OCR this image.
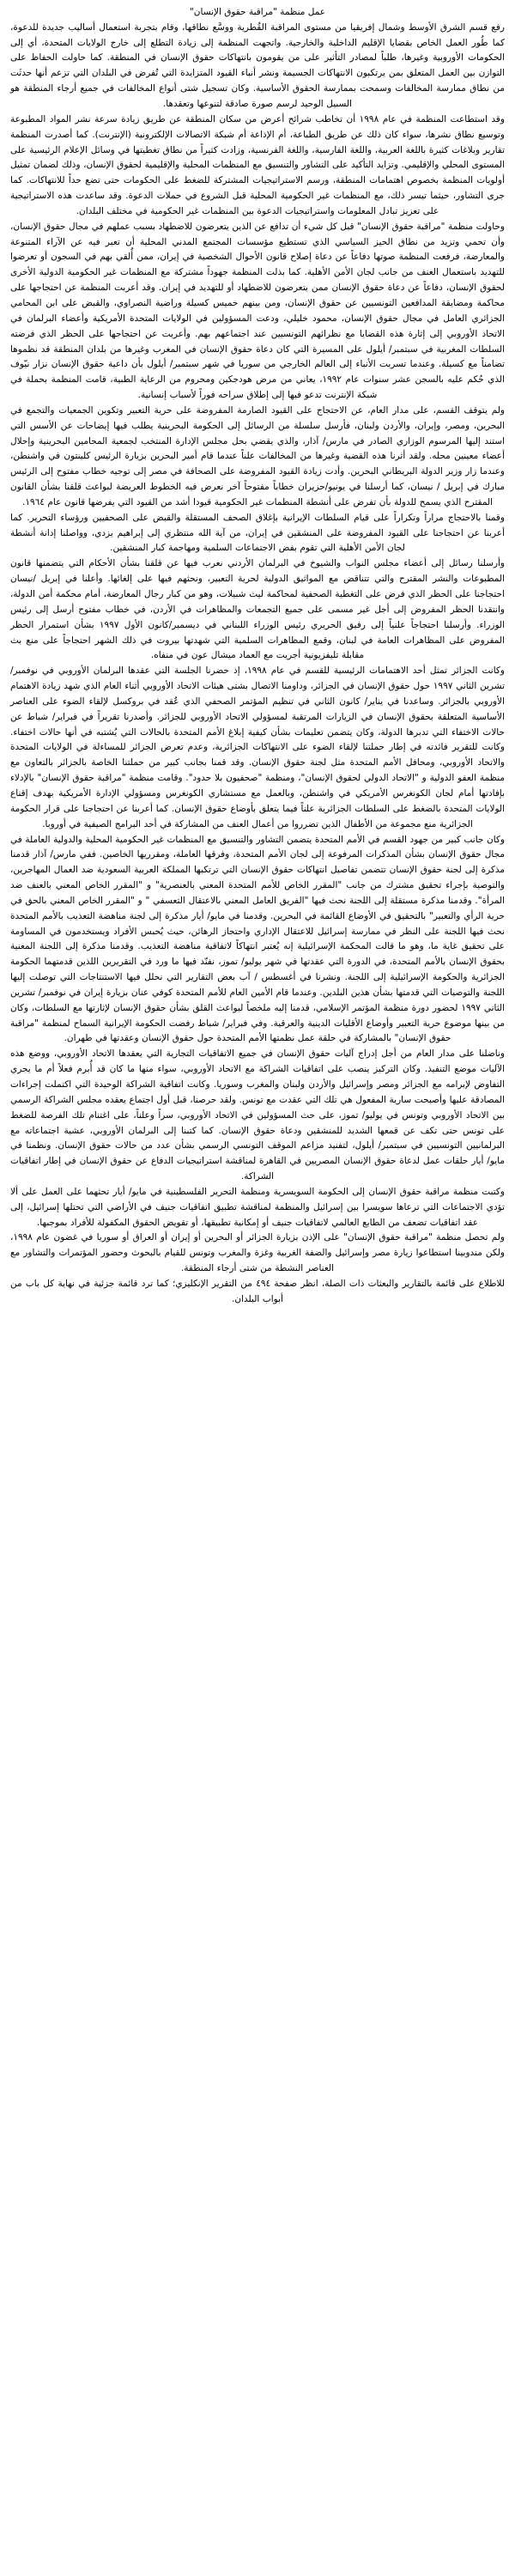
عمل منظمة "مراقبة حقوق الإنسان"

رفع قسم الشرق الأوسط وشمال إفريقيا من مستوى المراقبة القُطرية ووسَّع نطاقها، وقام بتجربة استعمال أساليب جديدة للدعوة، كما طُور العمل الخاص بقضايا الإقليم الداخلية والخارجية. واتجهت المنظمة إلى زيادة التطلع إلى خارج الولايات المتحدة، أي إلى الحكومات الأوروبية وغيرها، طلباً لمصادر التأثير على من يقومون بانتهاكات حقوق الإنسان في المنطقة. كما حاولت الحفاظ على التوازن بين العمل المتعلق بمن يرتكبون الانتهاكات الجسيمة ونشر أنباء القيود المتزايدة التي تُفرض في البلدان التي تزعم أنها حدثَت من نطاق ممارسة المخالفات وسمحت بممارسة الحقوق الأساسية. وكان تسجيل شتى أنواع المخالفات في جميع أرجاء المنطقة هو السبيل الوحيد لرسم صورة صادقة لتنوعها وتعقدها.

وقد استطاعت المنظمة في عام ١٩٩٨ أن تخاطب شرائح أعرض من سكان المنطقة عن طريق زيادة سرعة نشر المواد المطبوعة وتوسيع نطاق نشرها، سواء كان ذلك عن طريق الطباعة، أم الإذاعة أم شبكة الاتصالات الإلكترونية (الإنترنت). كما أصدرت المنظمة تقارير وبلاغات كثيرة باللغة العربية، واللغة الفارسية، واللغة الفرنسية، وزادت كثيراً من نطاق تغطيتها في وسائل الإعلام الرئيسية على المستوى المحلي والإقليمي. وتزايد التأكيد على التشاور والتنسيق مع المنظمات المحلية والإقليمية لحقوق الإنسان، وذلك لضمان تمثيل أولويات المنظمة بخصوص اهتمامات المنطقة، ورسم الاستراتيجيات المشتركة للضغط على الحكومات حتى تضع حداً للانتهاكات. كما جرى التشاور، حيثما تيسر ذلك، مع المنظمات غير الحكومية المحلية قبل الشروع في حملات الدعوة. وقد ساعدت هذه الاستراتيجية على تعزيز تبادل المعلومات واستراتيجيات الدعوة بين المنظمات غير الحكومية في مختلف البلدان.

وحاولت منظمة "مراقبة حقوق الإنسان" قبل كل شيء أن تدافع عن الذين يتعرضون للاضطهاد بسبب عملهم في مجال حقوق الإنسان، وأن تحمي وتزيد من نطاق الحيز السياسي الذي تستطيع مؤسسات المجتمع المدني المحلية أن تعبر فيه عن الآراء المتنوعة والمعارضة، فرفعت المنظمة صوتها دفاعاً عن دعاة إصلاح قانون الأحوال الشخصية في إيران، ممن أُلقي بهم في السجون أو تعرضوا للتهديد باستعمال العنف من جانب لجان الأمن الأهلية. كما بذلت المنظمة جهوداً مشتركة مع المنظمات غير الحكومية الدولية الأخرى لحقوق الإنسان، دفاعاً عن دعاة حقوق الإنسان ممن يتعرضون للاضطهاد أو للتهديد في إيران. وقد أعربت المنظمة عن احتجاجها على محاكمة ومضايقة المدافعين التونسيين عن حقوق الإنسان، ومن بينهم خميس كسيلة وراضية النصراوي، والقبض على ابن المحامي الجزائري العامل في مجال حقوق الإنسان، محمود خليلي، ودعت المسؤولين في الولايات المتحدة الأمريكية وأعضاء البرلمان في الاتحاد الأوروبي إلى إثارة هذه القضايا مع نظرائهم التونسيين عند اجتماعهم بهم. وأعربت عن احتجاجها على الحظر الذي فرضته السلطات المغربية في سبتمبر/ أيلول على المسيرة التي كان دعاة حقوق الإنسان في المغرب وغيرها من بلدان المنطقة قد نظموها تضامناً مع كسيلة. وعندما تسربت الأنباء إلى العالم الخارجي من سوريا في شهر سبتمبر/ أيلول بأن داعية حقوق الإنسان نزار نيّوف الذي حُكم عليه بالسجن عشر سنوات عام ١٩٩٢، يعاني من مرض هودجكين ومحروم من الرعاية الطبية، قامت المنظمة بحملة في شبكة الإنترنت تدعو فيها إلى إطلاق سراحه فوراً لأسباب إنسانية.

ولم يتوقف القسم، على مدار العام، عن الاحتجاج على القيود الصارمة المفروضة على حرية التعبير وتكوين الجمعيات والتجمع في البحرين، ومصر، وإيران، والأردن ولبنان، فأرسل سلسلة من الرسائل إلى الحكومة البحرينية يطلب فيها إيضاحات عن الأسس التي استند إليها المرسوم الوزاري الصادر في مارس/ آذار، والذي يقضي بحل مجلس الإدارة المنتخب لجمعية المحامين البحرينية وإحلال أعضاء معينين محله. ولقد أثرنا هذه القضية وغيرها من المخالفات علناً عندما قام أمير البحرين بزيارة الرئيس كلينتون في واشنطن، وعندما زار وزير الدولة البريطاني البحرين. وأدت زيادة القيود المفروضة على الصحافة في مصر إلى توجيه خطاب مفتوح إلى الرئيس مبارك في إبريل / نيسان، كما أرسلنا في يونيو/حزيران خطاباً مفتوحاً آخر نعرض فيه الخطوط العريضة لبواعث قلقنا بشأن القانون المقترح الذي يسمح للدولة بأن تفرض على أنشطة المنظمات غير الحكومية قيودا أشد من القيود التي يفرضها قانون عام ١٩٦٤.

وقمنا بالاحتجاج مراراً وتكراراً على قيام السلطات الإيرانية بإغلاق الصحف المستقلة والقبض على الصحفيين ورؤساء التحرير. كما أعربنا عن احتجاجنا على القيود المفروضة على المنشقين في إيران، من آية الله منتظري إلى إبراهيم يزدي، وواصلنا إدانة أنشطة لجان الأمن الأهلية التي تقوم بفض الاجتماعات السلمية ومهاجمة كبار المنشقين.

وأرسلنا رسائل إلى أعضاء مجلس النواب والشيوخ في البرلمان الأردني نعرب فيها عن قلقنا بشأن الأحكام التي يتضمنها قانون المطبوعات والنشر المقترح والتي تتناقض مع المواثيق الدولية لحرية التعبير، ونحثهم فيها على إلغائها. وأعلنا في إبريل /نيسان احتجاجنا على الحظر الذي فرض على التغطية الصحفية لمحاكمة ليث شبيلات، وهو من كبار رجال المعارضة، أمام محكمة أمن الدولة، وانتقدنا الحظر المفروض إلى أجل غير مسمى على جميع التجمعات والمظاهرات في الأردن، في خطاب مفتوح أرسل إلى رئيس الوزراء. وأرسلنا احتجاجاً علنياً إلى رفيق الحريري رئيس الوزراء اللبناني في ديسمبر/كانون الأول ١٩٩٧ بشأن استمرار الحظر المفروض على المظاهرات العامة في لبنان، وقمع المظاهرات السلمية التي شهدتها بيروت في ذلك الشهر احتجاجاً على منع بث مقابلة تليفزيونية أجريت مع العماد ميشال عون في منفاه.

وكانت الجزائر تمثل أحد الاهتمامات الرئيسية للقسم في عام ١٩٩٨، إذ حضرنا الجلسة التي عقدها البرلمان الأوروبي في نوفمبر/تشرين الثاني ١٩٩٧ حول حقوق الإنسان في الجزائر، وداومنا الاتصال بشتى هيئات الاتحاد الأوروبي أثناء العام الذي شهد زيادة الاهتمام الأوروبي بالجزائر. وساعدنا في يناير/ كانون الثاني في تنظيم المؤتمر الصحفي الذي عُقد في بروكسل لإلقاء الضوء على العناصر الأساسية المتعلقة بحقوق الإنسان في الزيارات المرتقبة لمسؤولي الاتحاد الأوروبي للجزائر. وأصدرنا تقريراً في فبراير/ شباط عن حالات الاختفاء التي تدبرها الدولة، وكان يتضمن تعليمات بشأن كيفية إبلاغ الأمم المتحدة بالحالات التي يُشتبه في أنها حالات اختفاء. وكانت للتقرير فائدته في إطار حملتنا لإلقاء الضوء على الانتهاكات الجزائرية، وعدم تعرض الجزائر للمساءلة في الولايات المتحدة والاتحاد الأوروبي، ومحافل الأمم المتحدة مثل لجنة حقوق الإنسان. وقد قمنا بجانب كبير من حملتنا الخاصة بالجزائر بالتعاون مع منظمة العفو الدولية و "الاتحاد الدولي لحقوق الإنسان"، ومنظمة "صحفيون بلا حدود". وقامت منظمة "مراقبة حقوق الإنسان" بالإدلاء بإفادتها أمام لجان الكونغرس الأمريكي في واشنطن، وبالعمل مع مستشاري الكونغرس ومسؤولي الإدارة الأمريكية بهدف إقناع الولايات المتحدة بالضغط على السلطات الجزائرية علناً فيما يتعلق بأوضاع حقوق الإنسان. كما أعربنا عن احتجاجنا على قرار الحكومة الجزائرية منع مجموعة من الأطفال الذين تضرروا من أعمال العنف من المشاركة في أحد البرامج الصيفية في أوروبا.

وكان جانب كبير من جهود القسم في الأمم المتحدة يتضمن التشاور والتنسيق مع المنظمات غير الحكومية المحلية والدولية العاملة في مجال حقوق الإنسان بشأن المذكرات المرفوعة إلى لجان الأمم المتحدة، وفرقها العاملة، ومقرريها الخاصين. ففي مارس/ آذار قدمنا مذكرة إلى لجنة حقوق الإنسان تتضمن تفاصيل انتهاكات حقوق الإنسان التي ترتكبها المملكة العربية السعودية ضد العمال المهاجرين، والتوصية بإجراء تحقيق مشترك من جانب "المقرر الخاص للأمم المتحدة المعني بالعنصرية" و "المقرر الخاص المعني بالعنف ضد المرأة". وقدمنا مذكرة مستقلة إلى اللجنة نحث فيها "الفريق العامل المعني بالاعتقال التعسفي " و "المقرر الخاص المعني بالحق في حرية الرأي والتعبير" بالتحقيق في الأوضاع القائمة في البحرين. وقدمنا في مايو/ أيار مذكرة إلى لجنة مناهضة التعذيب بالأمم المتحدة نحث فيها اللجنة على النظر في ممارسة إسرائيل للاعتقال الإداري واحتجاز الرهائن، حيث يُحبس الأفراد ويستخدمون في المساومة على تحقيق غاية ما، وهو ما قالت المحكمة الإسرائيلية إنه يُعتبر انتهاكاً لاتفاقية مناهضة التعذيب. وقدمنا مذكرة إلى اللجنة المعنية بحقوق الإنسان بالأمم المتحدة، في الدورة التي عقدتها في شهر يوليو/ تموز، نفنّد فيها ما ورد في التقريرين اللذين قدمتهما الحكومة الجزائرية والحكومة الإسرائيلية إلى اللجنة. ونشرنا في أغسطس / آب بعض التقارير التي نحلل فيها الاستنتاجات التي توصلت إليها اللجنة والتوصيات التي قدمتها بشأن هذين البلدين. وعندما قام الأمين العام للأمم المتحدة كوفي عنان بزيارة إيران في نوفمبر/ تشرين الثاني ١٩٩٧ لحضور دورة منظمة المؤتمر الإسلامي، قدمنا إليه ملخصاً لبواعث القلق بشأن حقوق الإنسان لإثارتها مع السلطات، وكان من بينها موضوع حرية التعبير وأوضاع الأقليات الدينية والعرقية. وفي فبراير/ شباط رفضت الحكومة الإيرانية السماح لمنظمة "مراقبة حقوق الإنسان" بالمشاركة في حلقة عمل نظمتها الأمم المتحدة حول حقوق الإنسان وعقدتها في طهران.

وناضلنا على مدار العام من أجل إدراج آليات حقوق الإنسان في جميع الاتفاقيات التجارية التي يعقدها الاتحاد الأوروبي، ووضع هذه الآليات موضع التنفيذ. وكان التركيز ينصب على اتفاقيات الشراكة مع الاتحاد الأوروبي، سواء منها ما كان قد أُبرم فعلاً أم ما يجري التفاوض لإبرامه مع الجزائر ومصر وإسرائيل والأردن ولبنان والمغرب وسوريا. وكانت اتفاقية الشراكة الوحيدة التي اكتملت إجراءات المصادقة عليها وأصبحت سارية المفعول هي تلك التي عقدت مع تونس. ولقد حرصنا، قبل أول اجتماع يعقده مجلس الشراكة الرسمي بين الاتحاد الأوروبي وتونس في يوليو/ تموز، على حث المسؤولين في الاتحاد الأوروبي، سراً وعلناً، على اغتنام تلك الفرصة للضغط على تونس حتى تكف عن قمعها الشديد للمنشقين ودعاة حقوق الإنسان. كما كتبنا إلى البرلمان الأوروبي، عشية اجتماعاته مع البرلمانيين التونسيين في سبتمبر/ أيلول، لتفنيد مزاعم الموقف التونسي الرسمي بشأن عدد من حالات حقوق الإنسان. ونظمنا في مايو/ أيار حلقات عمل لدعاة حقوق الإنسان المصريين في القاهرة لمناقشة استراتيجيات الدفاع عن حقوق الإنسان في إطار اتفاقيات الشراكة.

وكتبت منظمة مراقبة حقوق الإنسان إلى الحكومة السويسرية ومنظمة التحرير الفلسطينية في مايو/ أيار تحثهما على العمل على ألا تؤدي الاجتماعات التي ترعاها سويسرا بين إسرائيل والمنظمة لمناقشة تطبيق اتفاقيات جنيف في الأراضي التي تحتلها إسرائيل، إلى عقد اتفاقيات تضعف من الطابع العالمي لاتفاقيات جنيف أو إمكانية تطبيقها، أو تقويض الحقوق المكفولة للأفراد بموجبها.

ولم تحصل منظمة "مراقبة حقوق الإنسان" على الإذن بزيارة الجزائر أو البحرين أو إيران أو العراق أو سوريا في غضون عام ١٩٩٨، ولكن مندوبينا استطاعوا زيارة مصر وإسرائيل والضفة الغربية وغزة والمغرب وتونس للقيام بالبحوث وحضور المؤتمرات والتشاور مع العناصر النشطة من شتى أرجاء المنطقة.

للاطلاع على قائمة بالتقارير والبعثات ذات الصلة، انظر صفحة ٤٩٤ من التقرير الإنكليزي؛ كما ترد قائمة جزئية في نهاية كل باب من أبواب البلدان.
